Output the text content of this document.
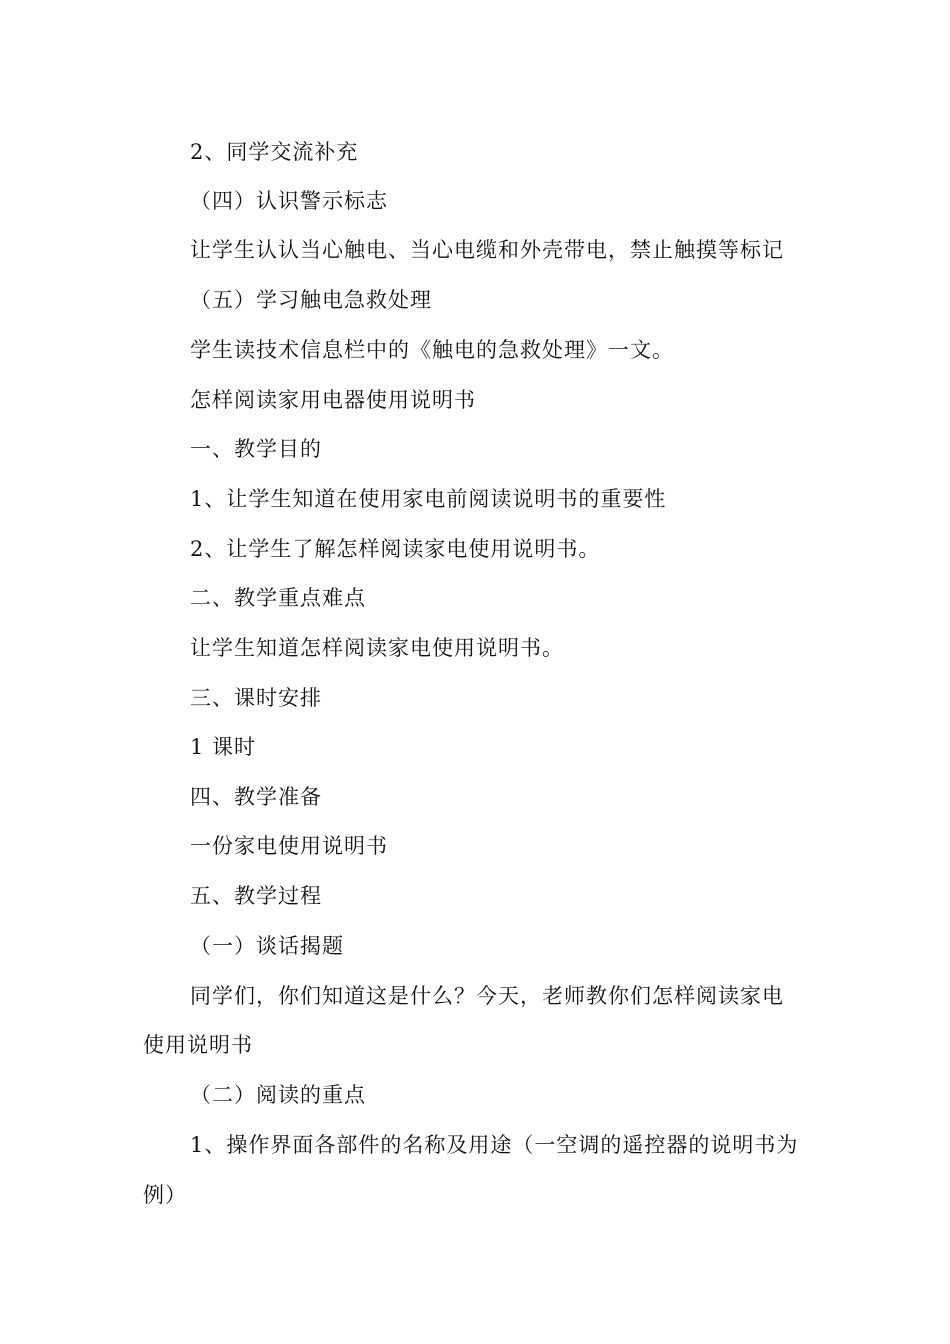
2、同学交流补充
（四）认识警示标志
让学生认认当心触电、当心电缆和外壳带电，禁止触摸等标记
（五）学习触电急救处理
学生读技术信息栏中的《触电的急救处理》一文。
怎样阅读家用电器使用说明书
一、教学目的
1、让学生知道在使用家电前阅读说明书的重要性
2、让学生了解怎样阅读家电使用说明书。
二、教学重点难点
让学生知道怎样阅读家电使用说明书。
三、课时安排
1 课时
四、教学准备
一份家电使用说明书
五、教学过程
（一）谈话揭题
同学们，你们知道这是什么？今天，老师教你们怎样阅读家电
使用说明书
（二）阅读的重点
1、操作界面各部件的名称及用途（一空调的遥控器的说明书为
例）
